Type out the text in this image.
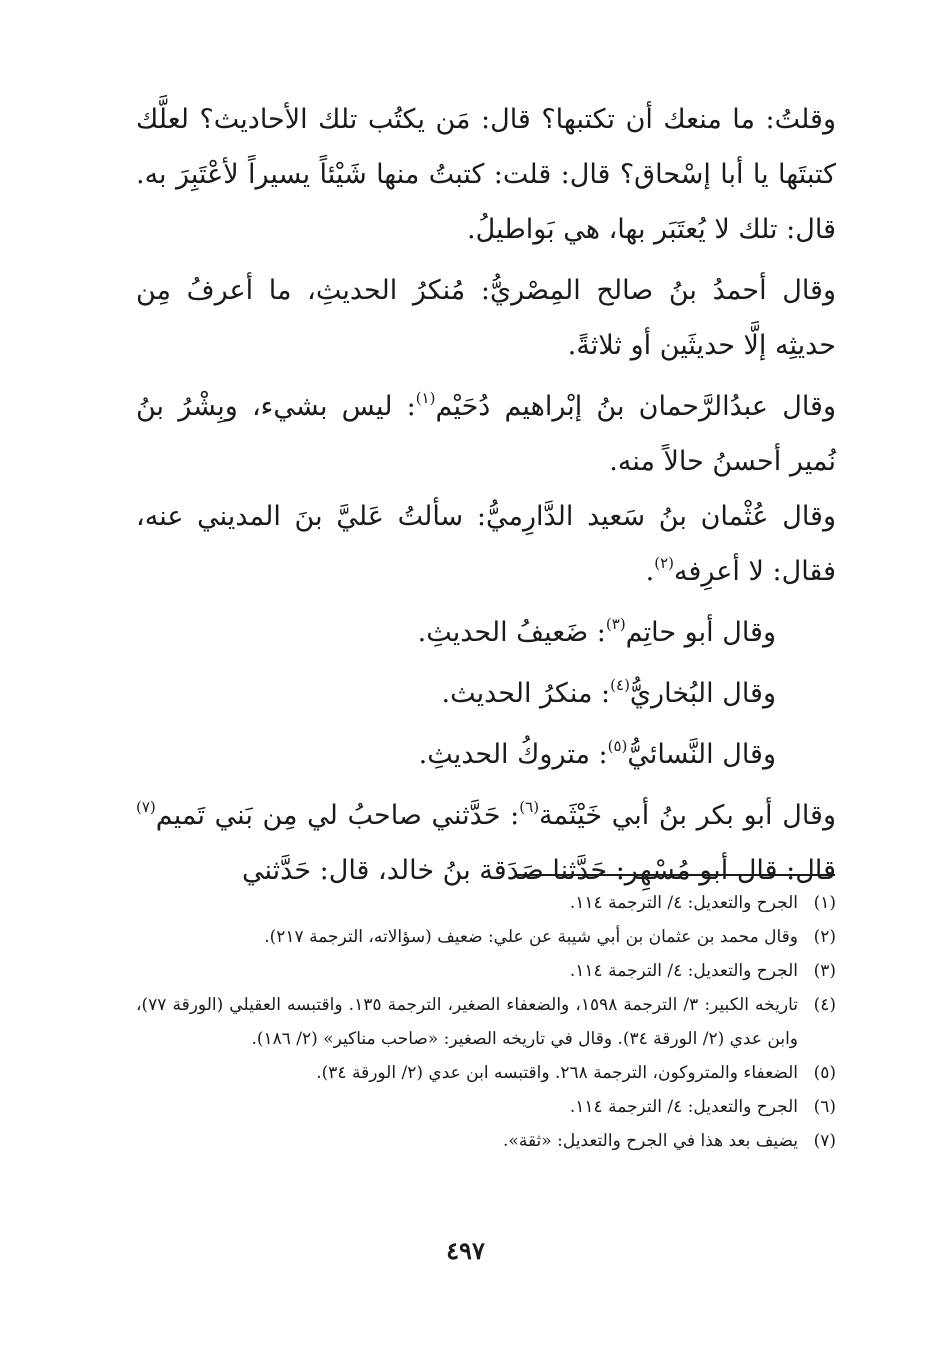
وقلتُ: ما منعك أن تكتبها؟ قال: مَن يكتُب تلك الأحاديث؟ لعلَّك كتبتَها يا أبا إسْحاق؟ قال: قلت: كتبتُ منها شَيْئاً يسيراً لأعْتَبِرَ به. قال: تلك لا يُعتَبَر بها، هي بَواطيلُ.

وقال أحمدُ بنُ صالح المِصْريُّ: مُنكرُ الحديثِ، ما أعرفُ مِن حديثِه إلَّا حديثَين أو ثلاثةً.

وقال عبدُالرَّحمان بنُ إبْراهيم دُحَيْم$^{(١)}$: ليس بشيء، وبِشْرُ بنُ نُمير أحسنُ حالاً منه.

وقال عُثْمان بنُ سَعيد الدَّارِميُّ: سألتُ عَليَّ بنَ المديني عنه، فقال: لا أعرِفه$^{(٢)}$.

وقال أبو حاتِم$^{(٣)}$: ضَعيفُ الحديثِ.

وقال البُخاريُّ$^{(٤)}$: منكرُ الحديث.

وقال النَّسائيُّ$^{(٥)}$: متروكُ الحديثِ.

وقال أبو بكر بنُ أبي خَيْثَمة$^{(٦)}$: حَدَّثني صاحبُ لي مِن بَني تَميم$^{(٧)}$ قال: قال أبو مُسْهِر: حَدَّثنا صَدَقة بنُ خالد، قال: حَدَّثني

(١)
الجرح والتعديل: ٤/ الترجمة ١١٤.
(٢)
وقال محمد بن عثمان بن أبي شيبة عن علي: ضعيف (سؤالاته، الترجمة ٢١٧).
(٣)
الجرح والتعديل: ٤/ الترجمة ١١٤.
(٤)
تاريخه الكبير: ٣/ الترجمة ١٥٩٨، والضعفاء الصغير، الترجمة ١٣٥. واقتبسه العقيلي (الورقة ٧٧)، وابن عدي (٢/ الورقة ٣٤). وقال في تاريخه الصغير: «صاحب مناكير» (٢/ ١٨٦).
(٥)
الضعفاء والمتروكون، الترجمة ٢٦٨. واقتبسه ابن عدي (٢/ الورقة ٣٤).
(٦)
الجرح والتعديل: ٤/ الترجمة ١١٤.
(٧)
يضيف بعد هذا في الجرح والتعديل: «ثقة».
٤٩٧
